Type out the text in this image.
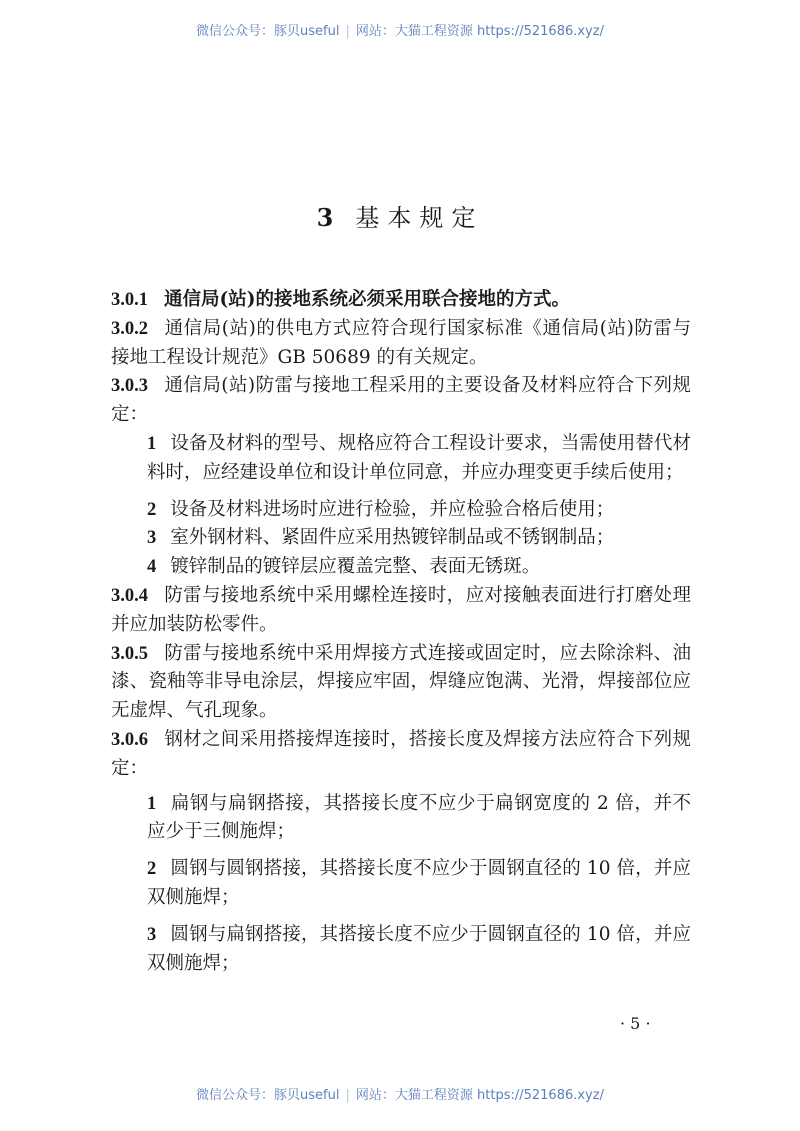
微信公众号：豚贝useful | 网站：大猫工程资源 https://521686.xyz/
3 基本规定
3.0.1 通信局(站)的接地系统必须采用联合接地的方式。
3.0.2 通信局(站)的供电方式应符合现行国家标准《通信局(站)防雷与接地工程设计规范》GB 50689 的有关规定。
3.0.3 通信局(站)防雷与接地工程采用的主要设备及材料应符合下列规定：
1 设备及材料的型号、规格应符合工程设计要求，当需使用替代材料时，应经建设单位和设计单位同意，并应办理变更手续后使用；
2 设备及材料进场时应进行检验，并应检验合格后使用；
3 室外钢材料、紧固件应采用热镀锌制品或不锈钢制品；
4 镀锌制品的镀锌层应覆盖完整、表面无锈斑。
3.0.4 防雷与接地系统中采用螺栓连接时，应对接触表面进行打磨处理并应加装防松零件。
3.0.5 防雷与接地系统中采用焊接方式连接或固定时，应去除涂料、油漆、瓷釉等非导电涂层，焊接应牢固，焊缝应饱满、光滑，焊接部位应无虚焊、气孔现象。
3.0.6 钢材之间采用搭接焊连接时，搭接长度及焊接方法应符合下列规定：
1 扁钢与扁钢搭接，其搭接长度不应少于扁钢宽度的 2 倍，并不应少于三侧施焊；
2 圆钢与圆钢搭接，其搭接长度不应少于圆钢直径的 10 倍，并应双侧施焊；
3 圆钢与扁钢搭接，其搭接长度不应少于圆钢直径的 10 倍，并应双侧施焊；
· 5 ·
微信公众号：豚贝useful | 网站：大猫工程资源 https://521686.xyz/
